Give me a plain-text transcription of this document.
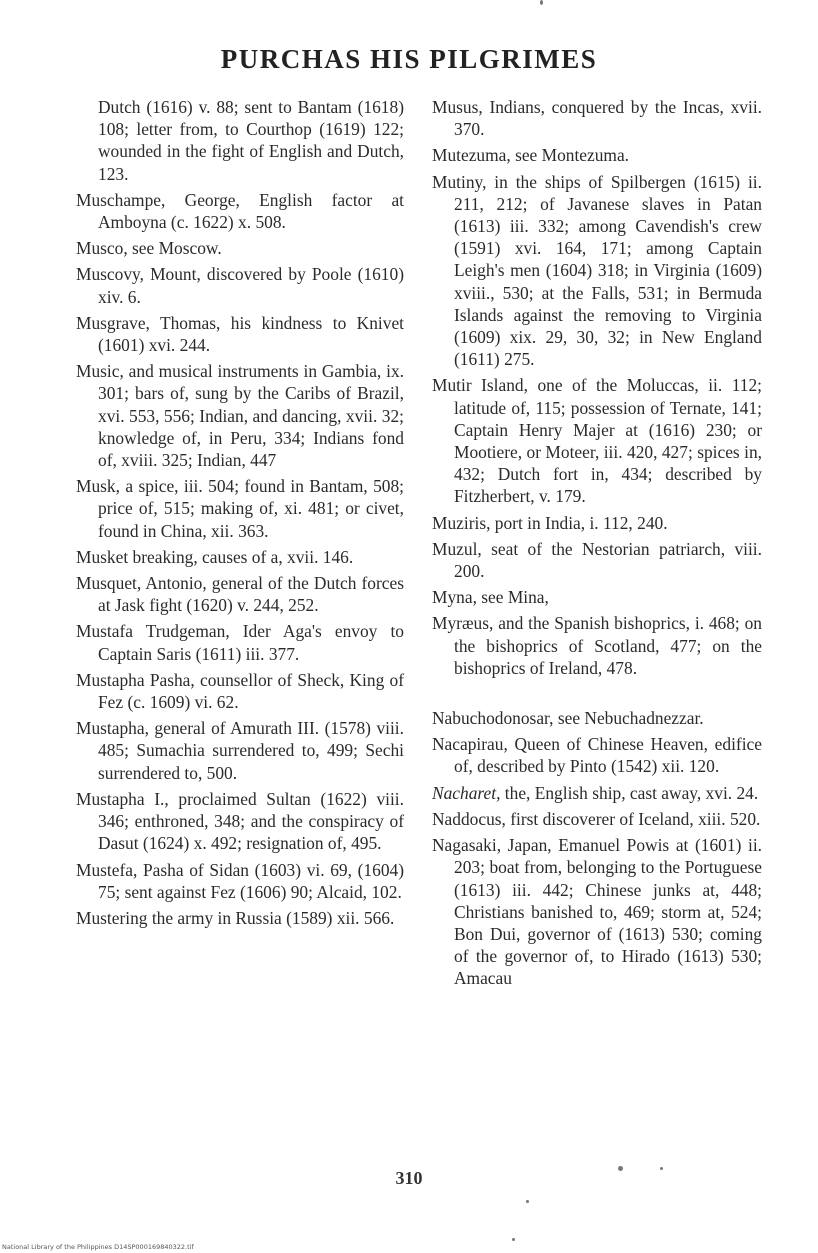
PURCHAS HIS PILGRIMES

Dutch (1616) v. 88; sent to Bantam (1618) 108; letter from, to Courthop (1619) 122; wounded in the fight of English and Dutch, 123.

Muschampe, George, English factor at Amboyna (c. 1622) x. 508.

Musco, see Moscow.

Muscovy, Mount, discovered by Poole (1610) xiv. 6.

Musgrave, Thomas, his kindness to Knivet (1601) xvi. 244.

Music, and musical instruments in Gambia, ix. 301; bars of, sung by the Caribs of Brazil, xvi. 553, 556; Indian, and dancing, xvii. 32; knowledge of, in Peru, 334; Indians fond of, xviii. 325; Indian, 447

Musk, a spice, iii. 504; found in Bantam, 508; price of, 515; making of, xi. 481; or civet, found in China, xii. 363.

Musket breaking, causes of a, xvii. 146.

Musquet, Antonio, general of the Dutch forces at Jask fight (1620) v. 244, 252.

Mustafa Trudgeman, Ider Aga's envoy to Captain Saris (1611) iii. 377.

Mustapha Pasha, counsellor of Sheck, King of Fez (c. 1609) vi. 62.

Mustapha, general of Amurath III. (1578) viii. 485; Sumachia surrendered to, 499; Sechi surrendered to, 500.

Mustapha I., proclaimed Sultan (1622) viii. 346; enthroned, 348; and the conspiracy of Dasut (1624) x. 492; resignation of, 495.

Mustefa, Pasha of Sidan (1603) vi. 69, (1604) 75; sent against Fez (1606) 90; Alcaid, 102.

Mustering the army in Russia (1589) xii. 566.

Musus, Indians, conquered by the Incas, xvii. 370.

Mutezuma, see Montezuma.

Mutiny, in the ships of Spilbergen (1615) ii. 211, 212; of Javanese slaves in Patan (1613) iii. 332; among Cavendish's crew (1591) xvi. 164, 171; among Captain Leigh's men (1604) 318; in Virginia (1609) xviii., 530; at the Falls, 531; in Bermuda Islands against the removing to Virginia (1609) xix. 29, 30, 32; in New England (1611) 275.

Mutir Island, one of the Moluccas, ii. 112; latitude of, 115; possession of Ternate, 141; Captain Henry Majer at (1616) 230; or Mootiere, or Moteer, iii. 420, 427; spices in, 432; Dutch fort in, 434; described by Fitzherbert, v. 179.

Muziris, port in India, i. 112, 240.

Muzul, seat of the Nestorian patriarch, viii. 200.

Myna, see Mina,

Myræus, and the Spanish bishoprics, i. 468; on the bishoprics of Scotland, 477; on the bishoprics of Ireland, 478.

Nabuchodonosar, see Nebuchadnezzar.

Nacapirau, Queen of Chinese Heaven, edifice of, described by Pinto (1542) xii. 120.

Nacharet, the, English ship, cast away, xvi. 24.

Naddocus, first discoverer of Iceland, xiii. 520.

Nagasaki, Japan, Emanuel Powis at (1601) ii. 203; boat from, belonging to the Portuguese (1613) iii. 442; Chinese junks at, 448; Christians banished to, 469; storm at, 524; Bon Dui, governor of (1613) 530; coming of the governor of, to Hirado (1613) 530; Amacau

310
National Library of the Philippines D14SP000169840322.tif
